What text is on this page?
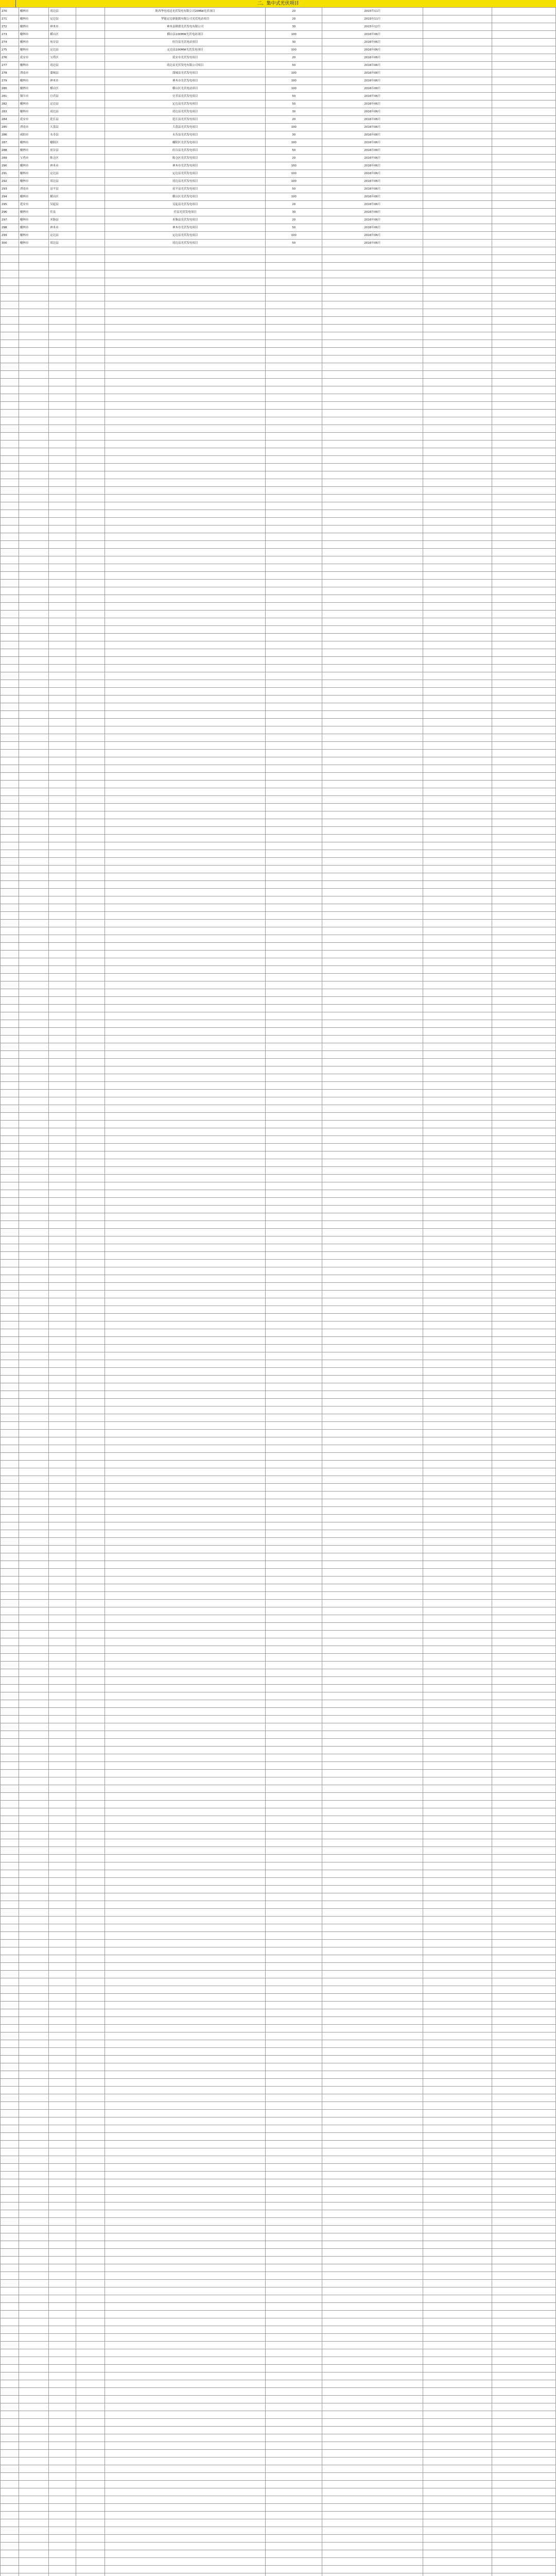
二、集中式光伏项目
270	榆林市	靖边县		陕西华电靖边光伏发电有限公司20MW光伏项目	20	2015年11月		
271	榆林市	定边县		华能定边新能源有限公司光伏电站项目	20	2015年11月		
272	榆林市	神木市		神木县隆德光伏发电有限公司	30	2015年12月		
273	榆林市	横山区		横山县100MW光伏电站项目	100	2016年06月		
274	榆林市	府谷县		府谷县光伏电站项目	30	2016年06月		
275	榆林市	定边县		定边县100MW光伏发电项目	100	2016年06月		
276	延安市	宝塔区		延安市光伏发电项目	20	2016年06月		
277	榆林市	靖边县		靖边县光伏发电有限公司项目	50	2016年06月		
278	渭南市	蒲城县		蒲城县光伏发电项目	100	2016年06月		
279	榆林市	神木市		神木市光伏发电项目	100	2016年06月		
280	榆林市	横山区		横山区光伏电站项目	100	2016年06月		
281	铜川市	宜君县		宜君县光伏发电项目	50	2016年06月		
282	榆林市	定边县		定边县光伏发电项目	50	2016年06月		
283	榆林市	靖边县		靖边县光伏发电项目	30	2016年06月		
284	延安市	延长县		延长县光伏发电项目	20	2016年06月		
285	渭南市	大荔县		大荔县光伏发电项目	100	2016年06月		
286	咸阳市	永寿县		永寿县光伏发电项目	30	2016年06月		
287	榆林市	榆阳区		榆阳区光伏发电项目	100	2016年06月		
288	榆林市	府谷县		府谷县光伏发电项目	50	2016年06月		
289	宝鸡市	陈仓区		陈仓区光伏发电项目	20	2016年06月		
290	榆林市	神木市		神木市光伏发电项目	100	2016年06月		
291	榆林市	定边县		定边县光伏发电项目	100	2016年06月		
292	榆林市	靖边县		靖边县光伏发电项目	100	2016年06月		
293	渭南市	富平县		富平县光伏发电项目	50	2016年06月		
294	榆林市	横山区		横山区光伏发电项目	100	2016年06月		
295	延安市	吴起县		吴起县光伏发电项目	20	2016年06月		
296	榆林市	佳县		佳县光伏发电项目	30	2016年06月		
297	榆林市	米脂县		米脂县光伏发电项目	20	2016年06月		
298	榆林市	神木市		神木市光伏发电项目	50	2016年06月		
299	榆林市	定边县		定边县光伏发电项目	100	2016年06月		
300	榆林市	靖边县		靖边县光伏发电项目	50	2016年06月		
